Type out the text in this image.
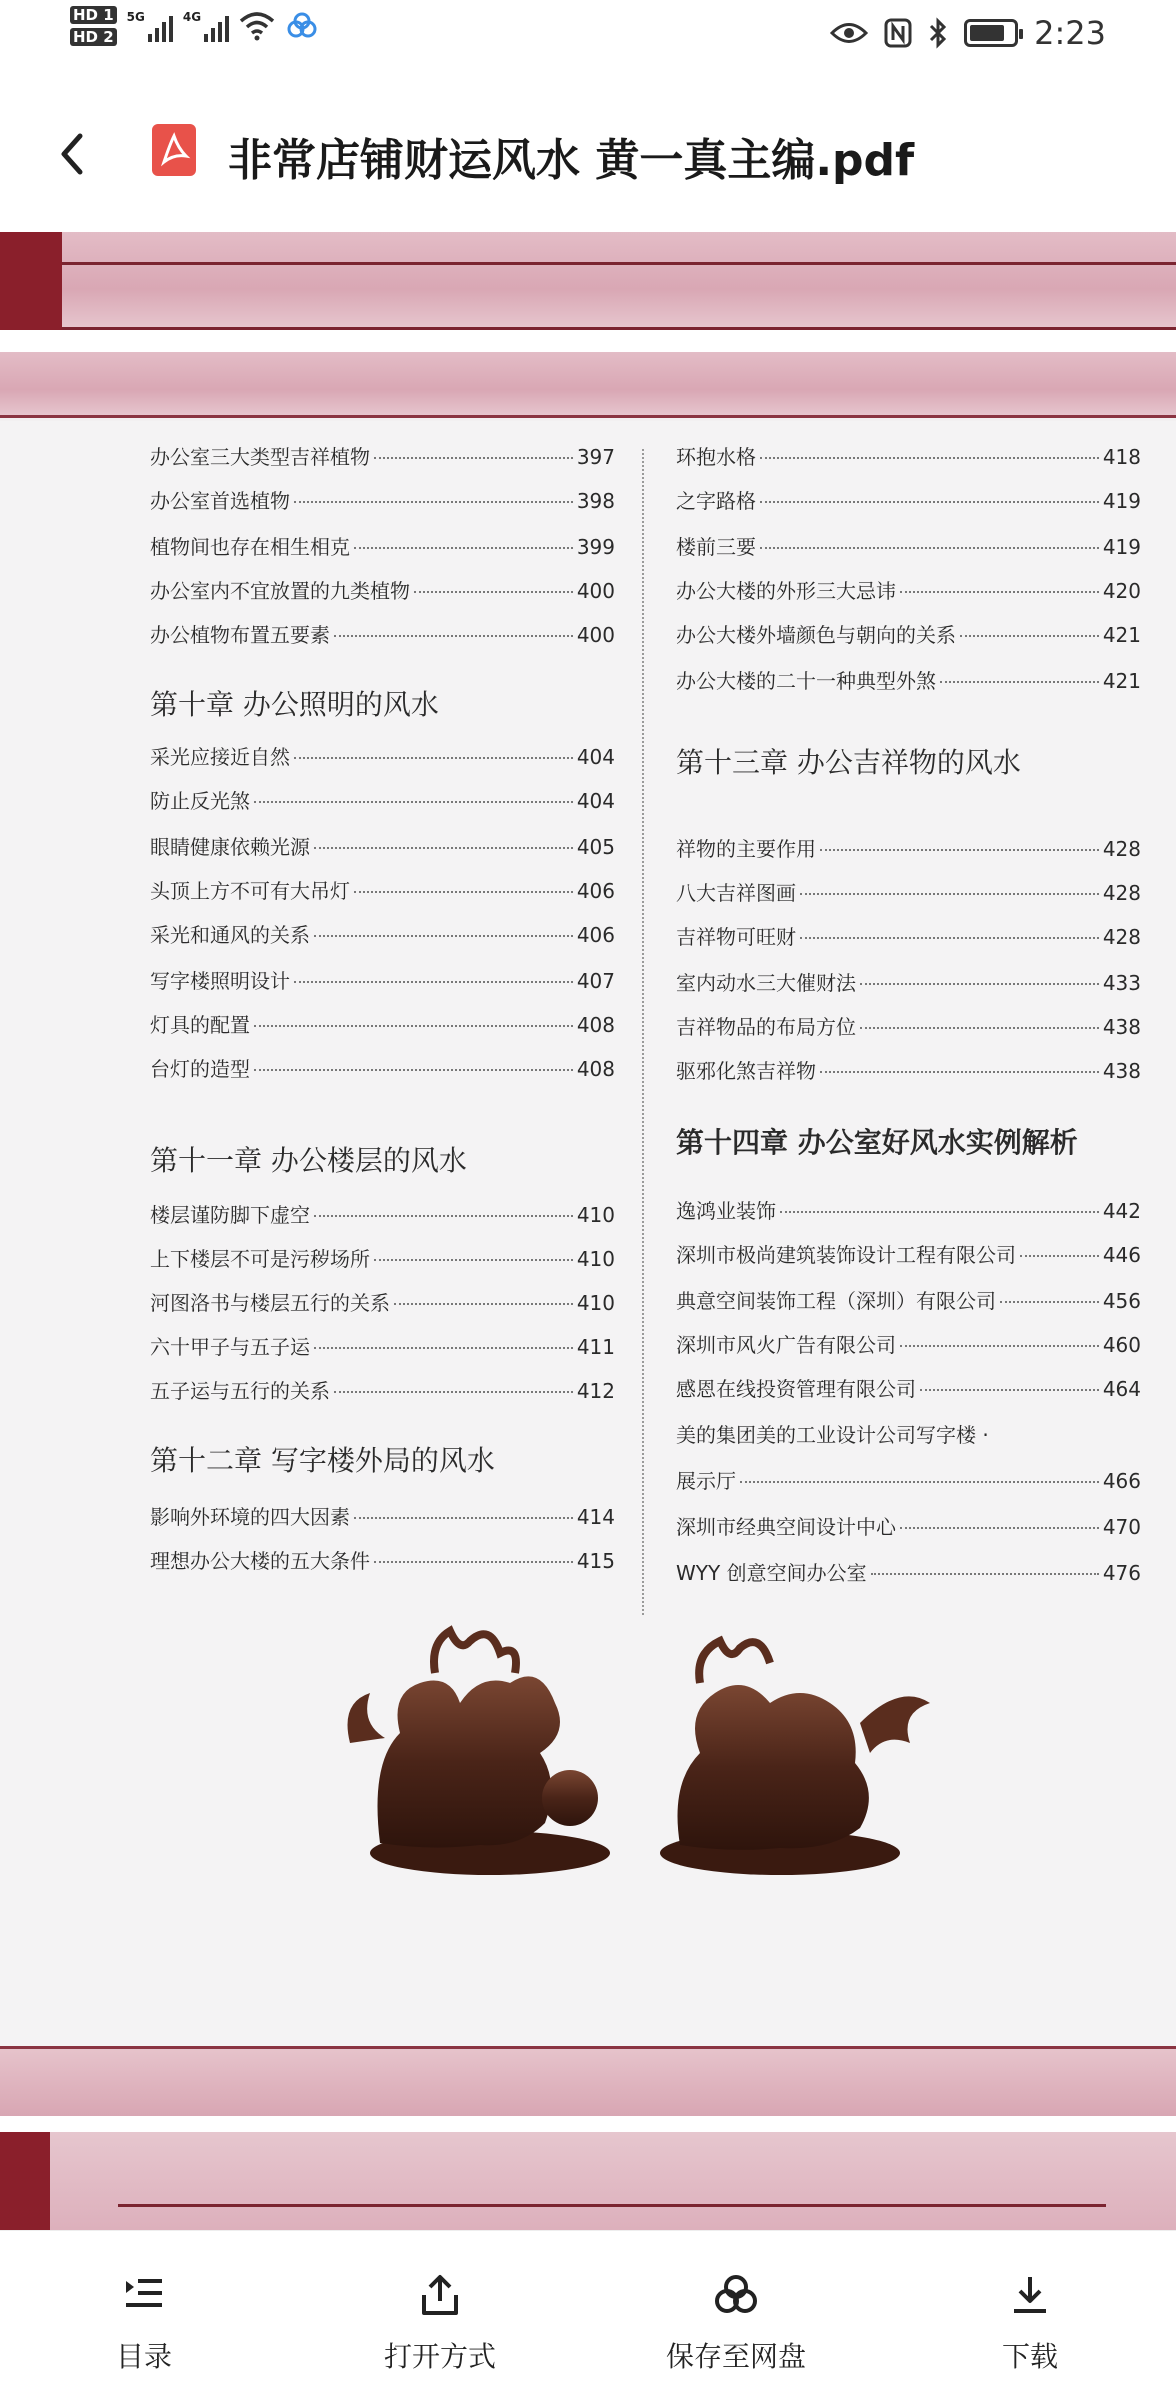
HD 1
HD 2
5G	4G	2:23
非常店铺财运风水 黄一真主编.pdf
办公室三大类型吉祥植物	397
办公室首选植物	398
植物间也存在相生相克	399
办公室内不宜放置的九类植物	400
办公植物布置五要素	400
第十章 办公照明的风水
采光应接近自然	404
防止反光煞	404
眼睛健康依赖光源	405
头顶上方不可有大吊灯	406
采光和通风的关系	406
写字楼照明设计	407
灯具的配置	408
台灯的造型	408
第十一章 办公楼层的风水
楼层谨防脚下虚空	410
上下楼层不可是污秽场所	410
河图洛书与楼层五行的关系	410
六十甲子与五子运	411
五子运与五行的关系	412
第十二章 写字楼外局的风水
影响外环境的四大因素	414
理想办公大楼的五大条件	415
环抱水格	418
之字路格	419
楼前三要	419
办公大楼的外形三大忌讳	420
办公大楼外墙颜色与朝向的关系	421
办公大楼的二十一种典型外煞	421
第十三章 办公吉祥物的风水
祥物的主要作用	428
八大吉祥图画	428
吉祥物可旺财	428
室内动水三大催财法	433
吉祥物品的布局方位	438
驱邪化煞吉祥物	438
第十四章 办公室好风水实例解析
逸鸿业装饰	442
深圳市极尚建筑装饰设计工程有限公司	446
典意空间装饰工程（深圳）有限公司	456
深圳市风火广告有限公司	460
感恩在线投资管理有限公司	464
美的集团美的工业设计公司写字楼 ·
展示厅	466
深圳市经典空间设计中心	470
WYY 创意空间办公室	476
目录	打开方式	保存至网盘	下载
